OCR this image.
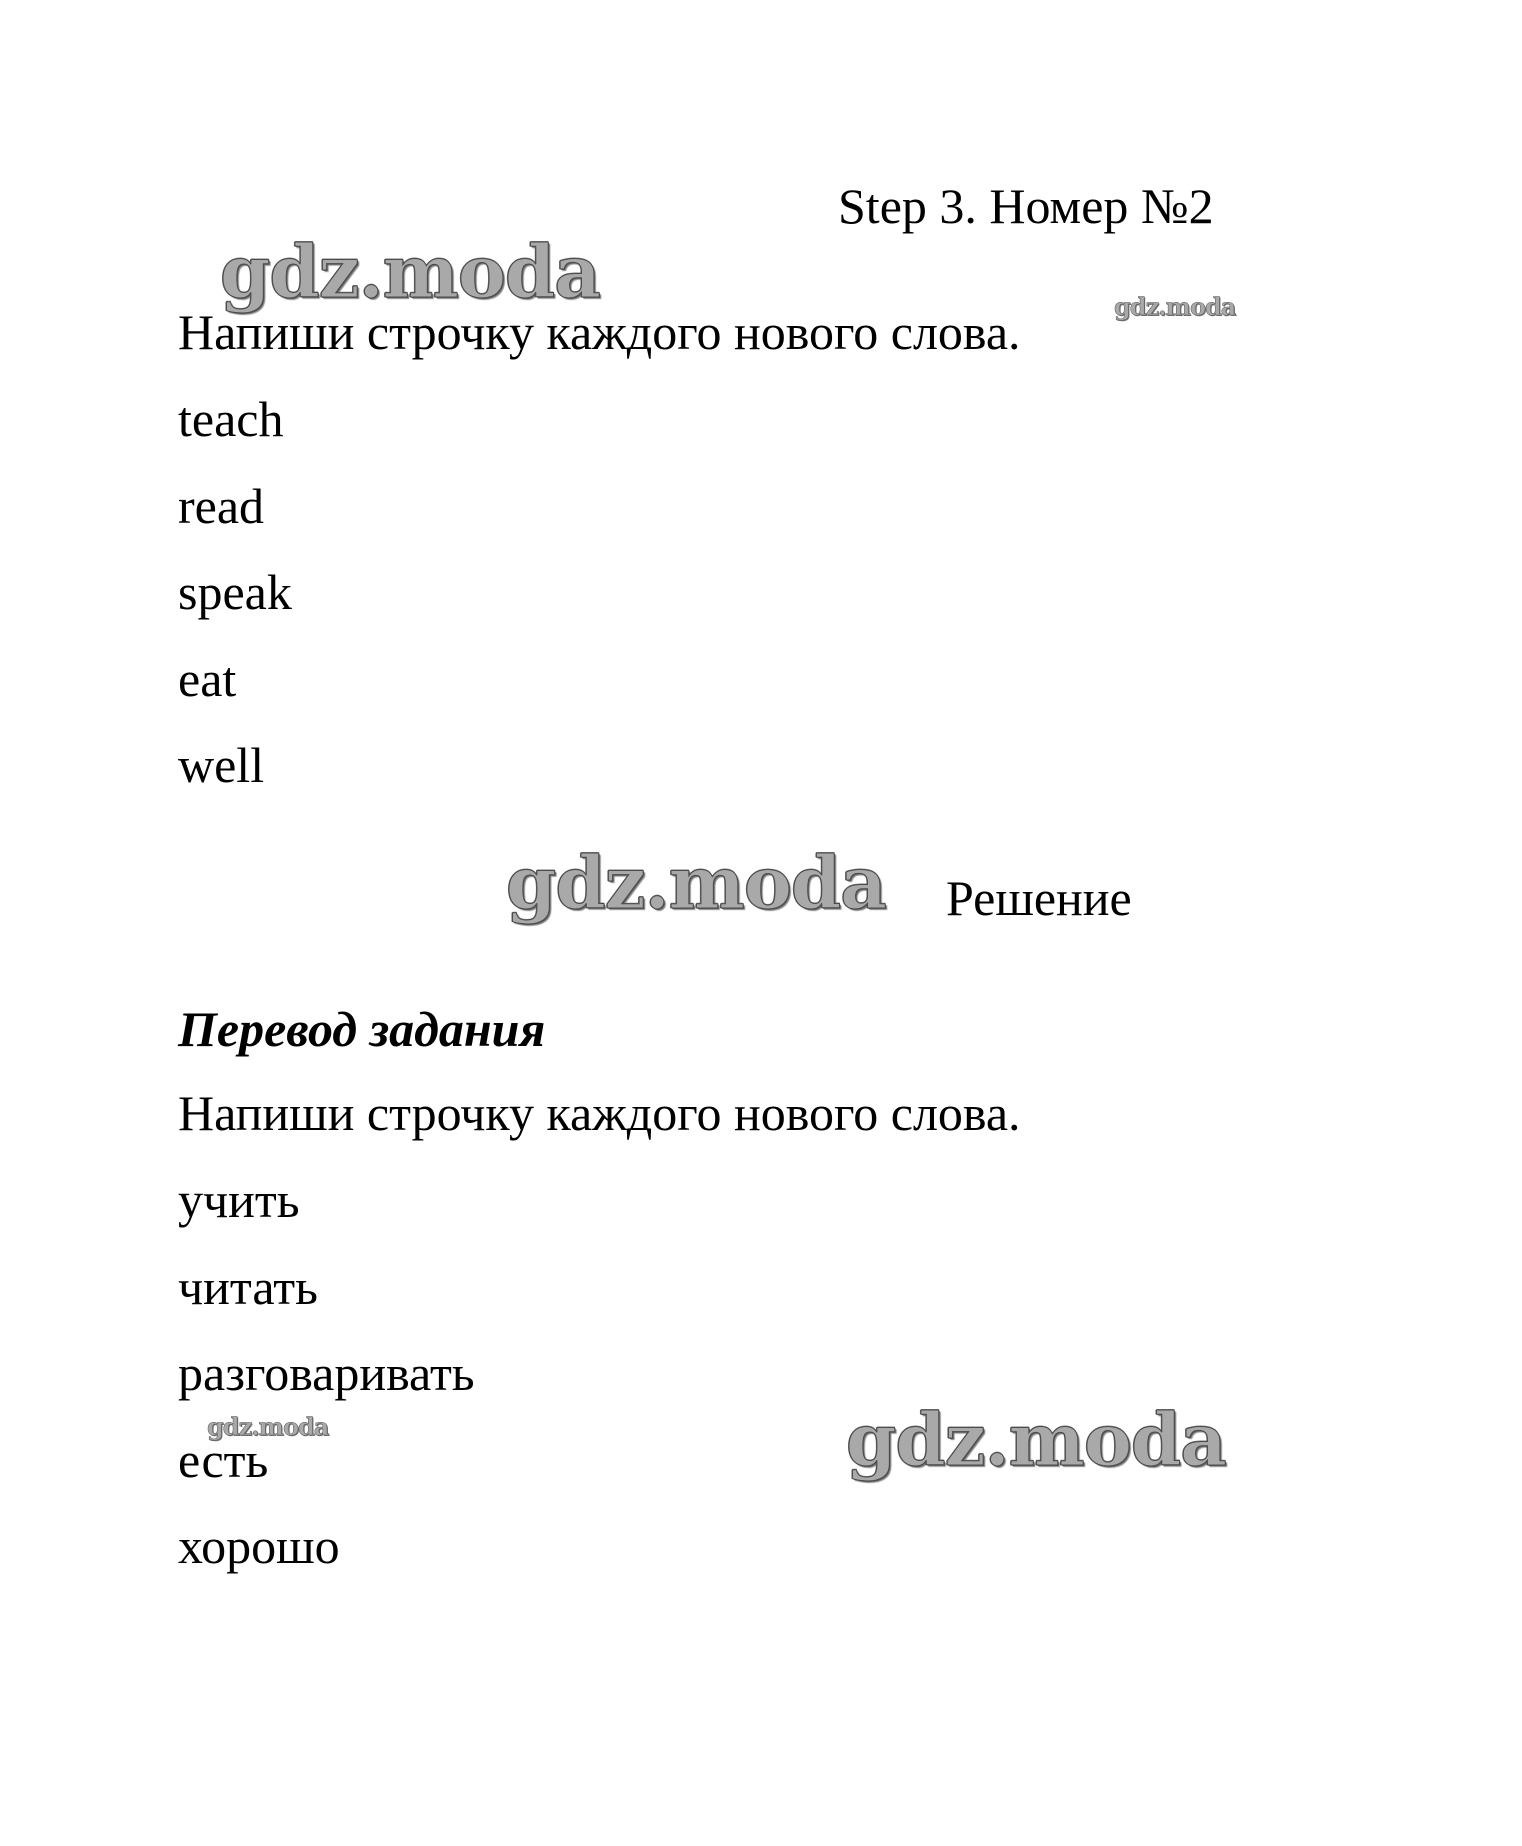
Step 3. Номер №2
gdz.moda	gdz.moda
Напиши строчку каждого нового слова.
teach
read
speak
eat
well
gdz.moda Решение
Перевод задания
Напиши строчку каждого нового слова.
учить
читать
разговаривать
gdz.moda	gdz.moda
есть
хорошо
